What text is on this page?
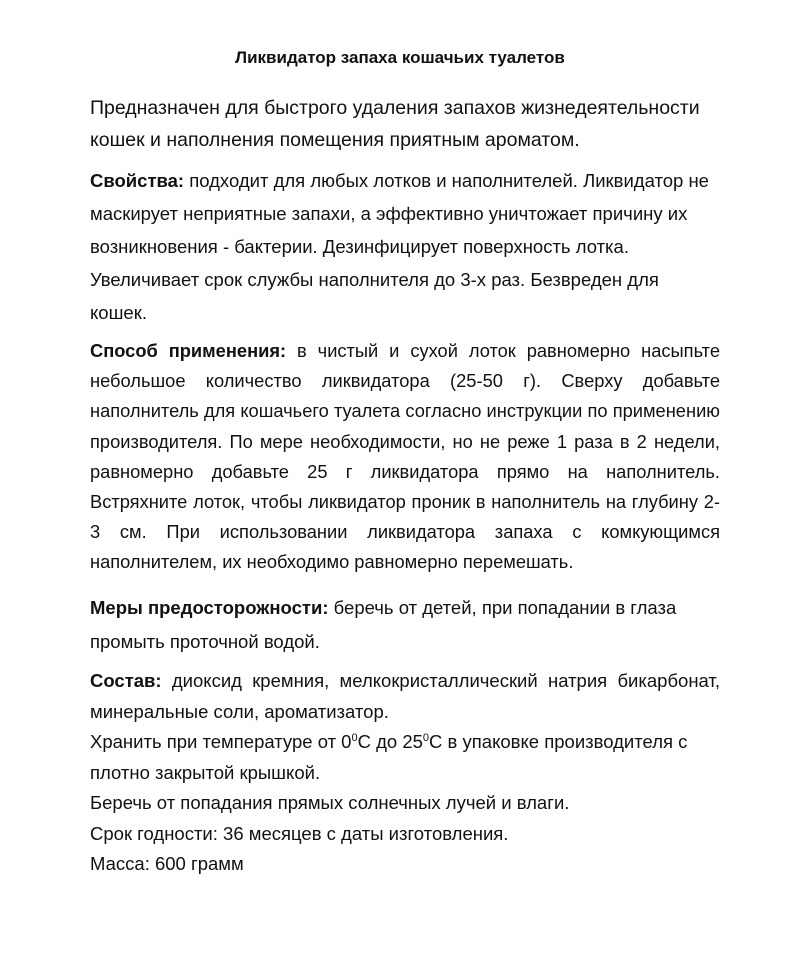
Ликвидатор запаха кошачьих туалетов
Предназначен для быстрого удаления запахов жизнедеятельности кошек и наполнения помещения приятным ароматом.
Свойства: подходит для любых лотков и наполнителей. Ликвидатор не маскирует неприятные запахи, а эффективно уничтожает причину их возникновения - бактерии. Дезинфицирует поверхность лотка. Увеличивает срок службы наполнителя до 3-х раз. Безвреден для кошек.
Способ применения: в чистый и сухой лоток равномерно насыпьте небольшое количество ликвидатора (25-50 г). Сверху добавьте наполнитель для кошачьего туалета согласно инструкции по применению производителя. По мере необходимости, но не реже 1 раза в 2 недели, равномерно добавьте 25 г ликвидатора прямо на наполнитель. Встряхните лоток, чтобы ликвидатор проник в наполнитель на глубину 2-3 см. При использовании ликвидатора запаха с комкующимся наполнителем, их необходимо равномерно перемешать.
Меры предосторожности: беречь от детей, при попадании в глаза промыть проточной водой.
Состав: диоксид кремния, мелкокристаллический натрия бикарбонат, минеральные соли, ароматизатор.
Хранить при температуре от $0^0С$ до $25^0С$ в упаковке производителя с плотно закрытой крышкой.
Беречь от попадания прямых солнечных лучей и влаги.
Срок годности: 36 месяцев с даты изготовления.
Масса: 600 грамм
